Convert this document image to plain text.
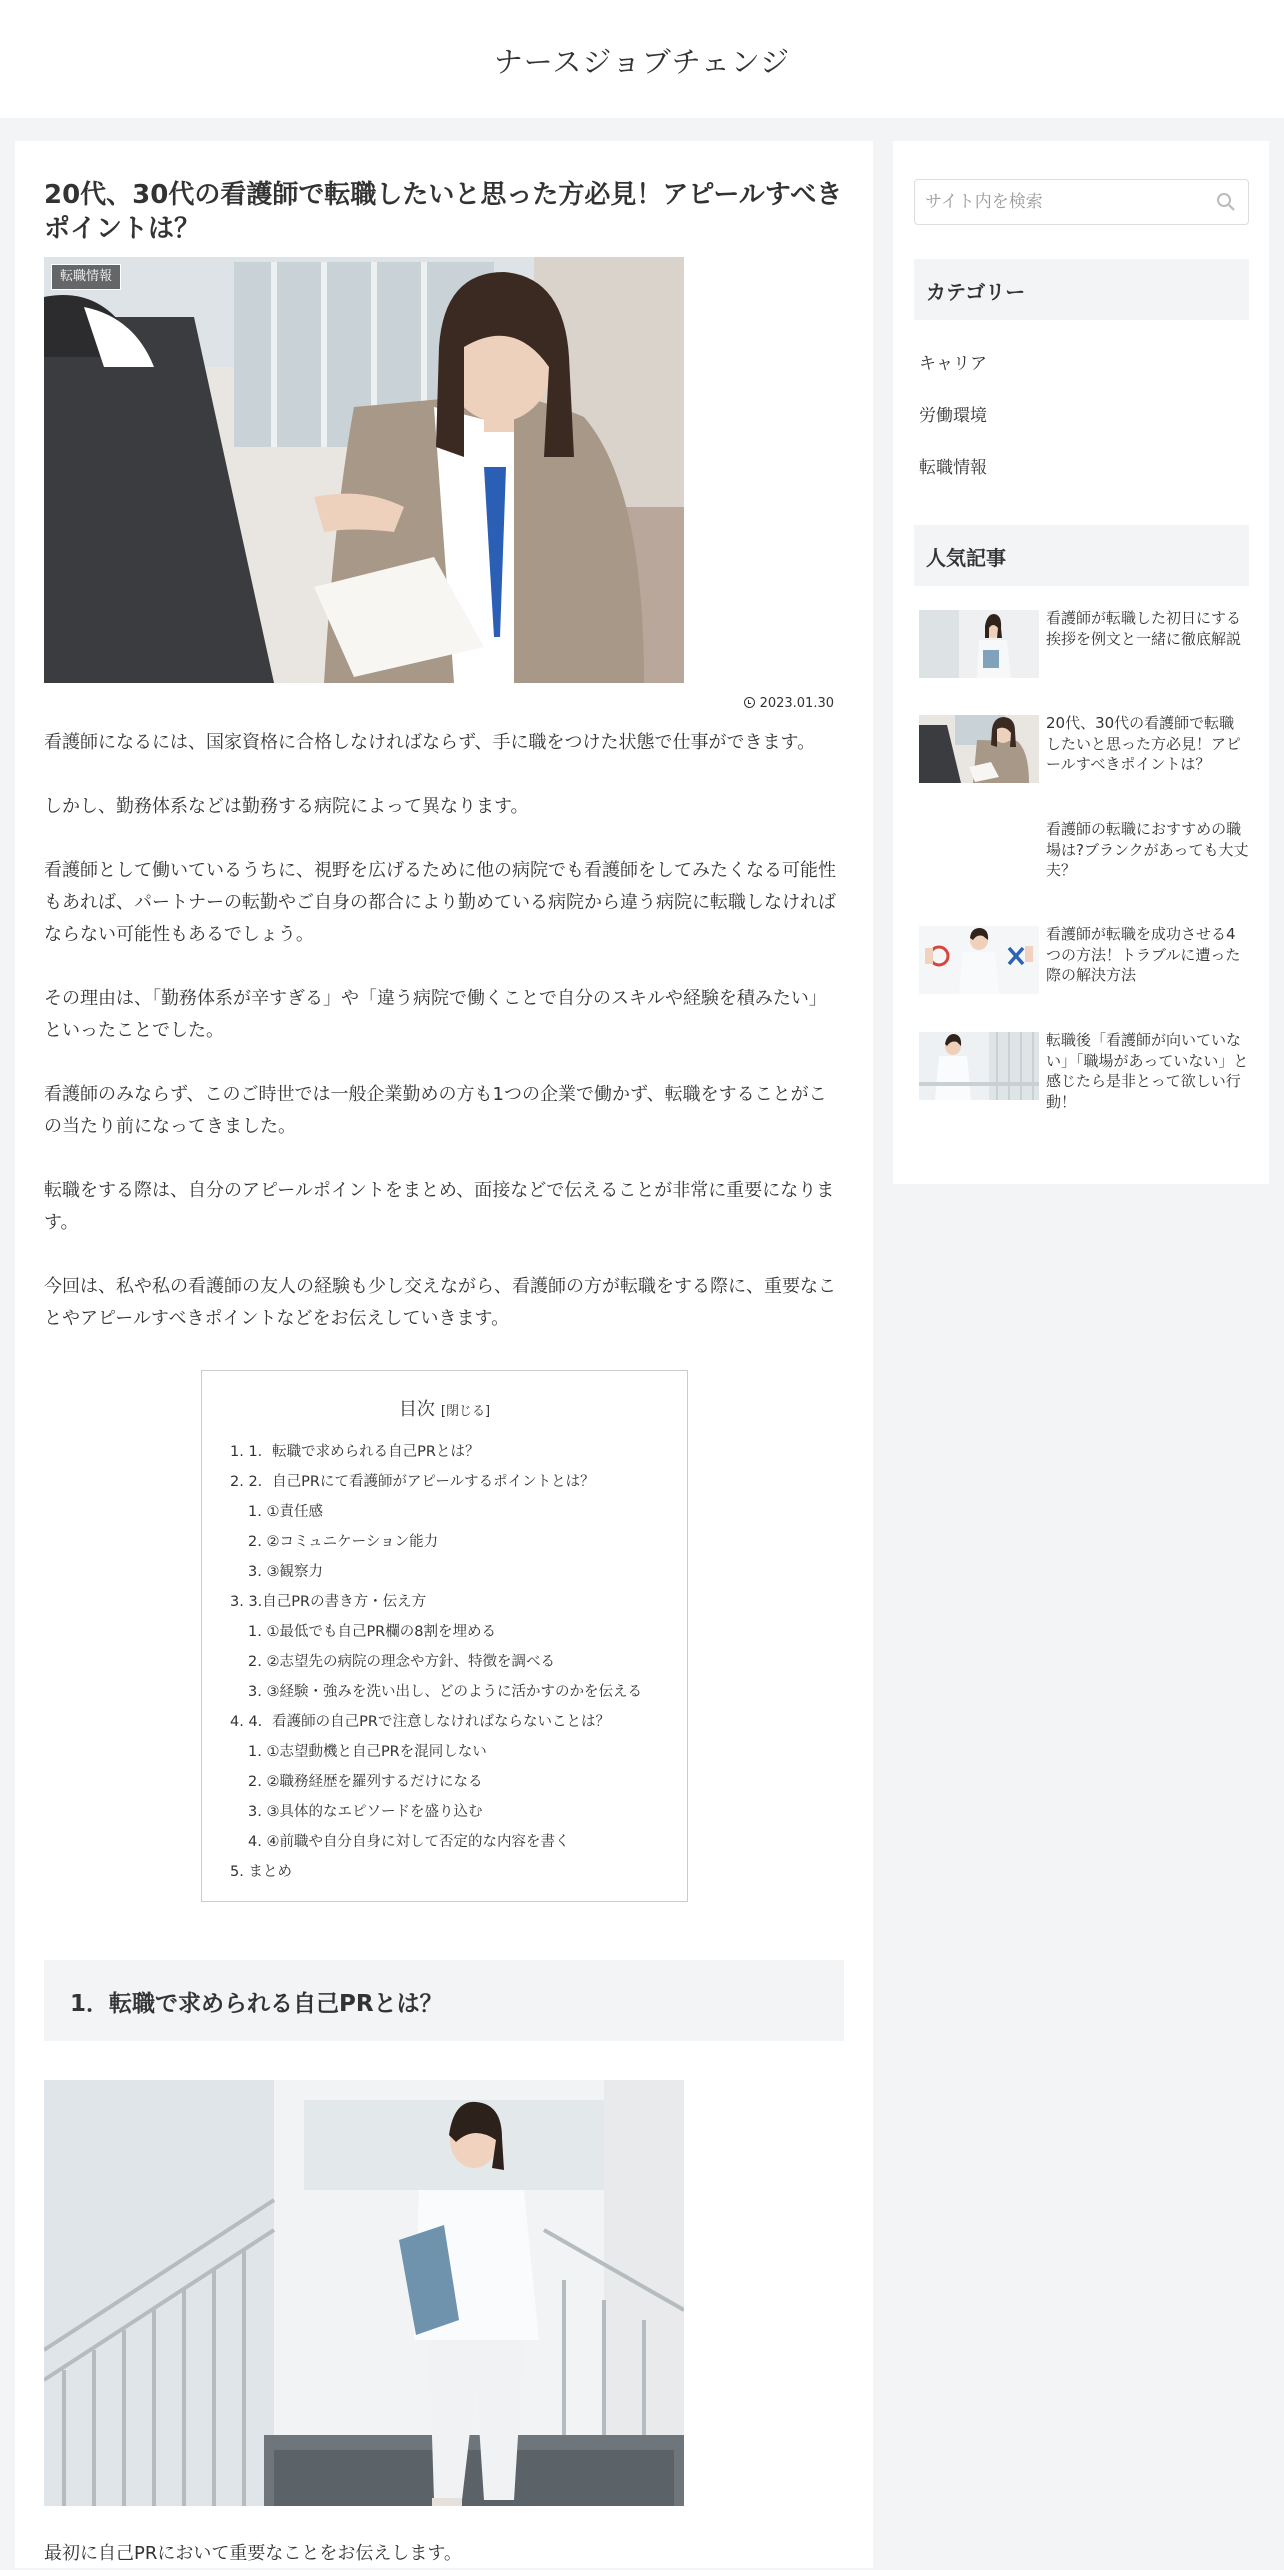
ナースジョブチェンジ
20代、30代の看護師で転職したいと思った方必見！アピールすべきポイントは？
転職情報
2023.01.30

看護師になるには、国家資格に合格しなければならず、手に職をつけた状態で仕事ができます。

しかし、勤務体系などは勤務する病院によって異なります。

看護師として働いているうちに、視野を広げるために他の病院でも看護師をしてみたくなる可能性もあれば、パートナーの転勤やご自身の都合により勤めている病院から違う病院に転職しなければならない可能性もあるでしょう。

その理由は、「勤務体系が辛すぎる」や「違う病院で働くことで自分のスキルや経験を積みたい」といったことでした。

看護師のみならず、このご時世では一般企業勤めの方も1つの企業で働かず、転職をすることがこの当たり前になってきました。

転職をする際は、自分のアピールポイントをまとめ、面接などで伝えることが非常に重要になります。

今回は、私や私の看護師の友人の経験も少し交えながら、看護師の方が転職をする際に、重要なことやアピールすべきポイントなどをお伝えしていきます。

目次 [閉じる]
1. 1．転職で求められる自己PRとは？
2. 2．自己PRにて看護師がアピールするポイントとは？
1. ①責任感
2. ②コミュニケーション能力
3. ③観察力
3. 3.自己PRの書き方・伝え方
1. ①最低でも自己PR欄の8割を埋める
2. ②志望先の病院の理念や方針、特徴を調べる
3. ③経験・強みを洗い出し、どのように活かすのかを伝える
4. 4．看護師の自己PRで注意しなければならないことは？
1. ①志望動機と自己PRを混同しない
2. ②職務経歴を羅列するだけになる
3. ③具体的なエピソードを盛り込む
4. ④前職や自分自身に対して否定的な内容を書く
5. まとめ
1．転職で求められる自己PRとは？

最初に自己PRにおいて重要なことをお伝えします。

サイト内を検索
カテゴリー
キャリア
労働環境
転職情報
人気記事
看護師が転職した初日にする挨拶を例文と一緒に徹底解説
20代、30代の看護師で転職したいと思った方必見！アピールすべきポイントは？
看護師の転職におすすめの職場は?ブランクがあっても大丈夫？
看護師が転職を成功させる4つの方法！トラブルに遭った際の解決方法
転職後「看護師が向いていない」「職場があっていない」と感じたら是非とって欲しい行動！
